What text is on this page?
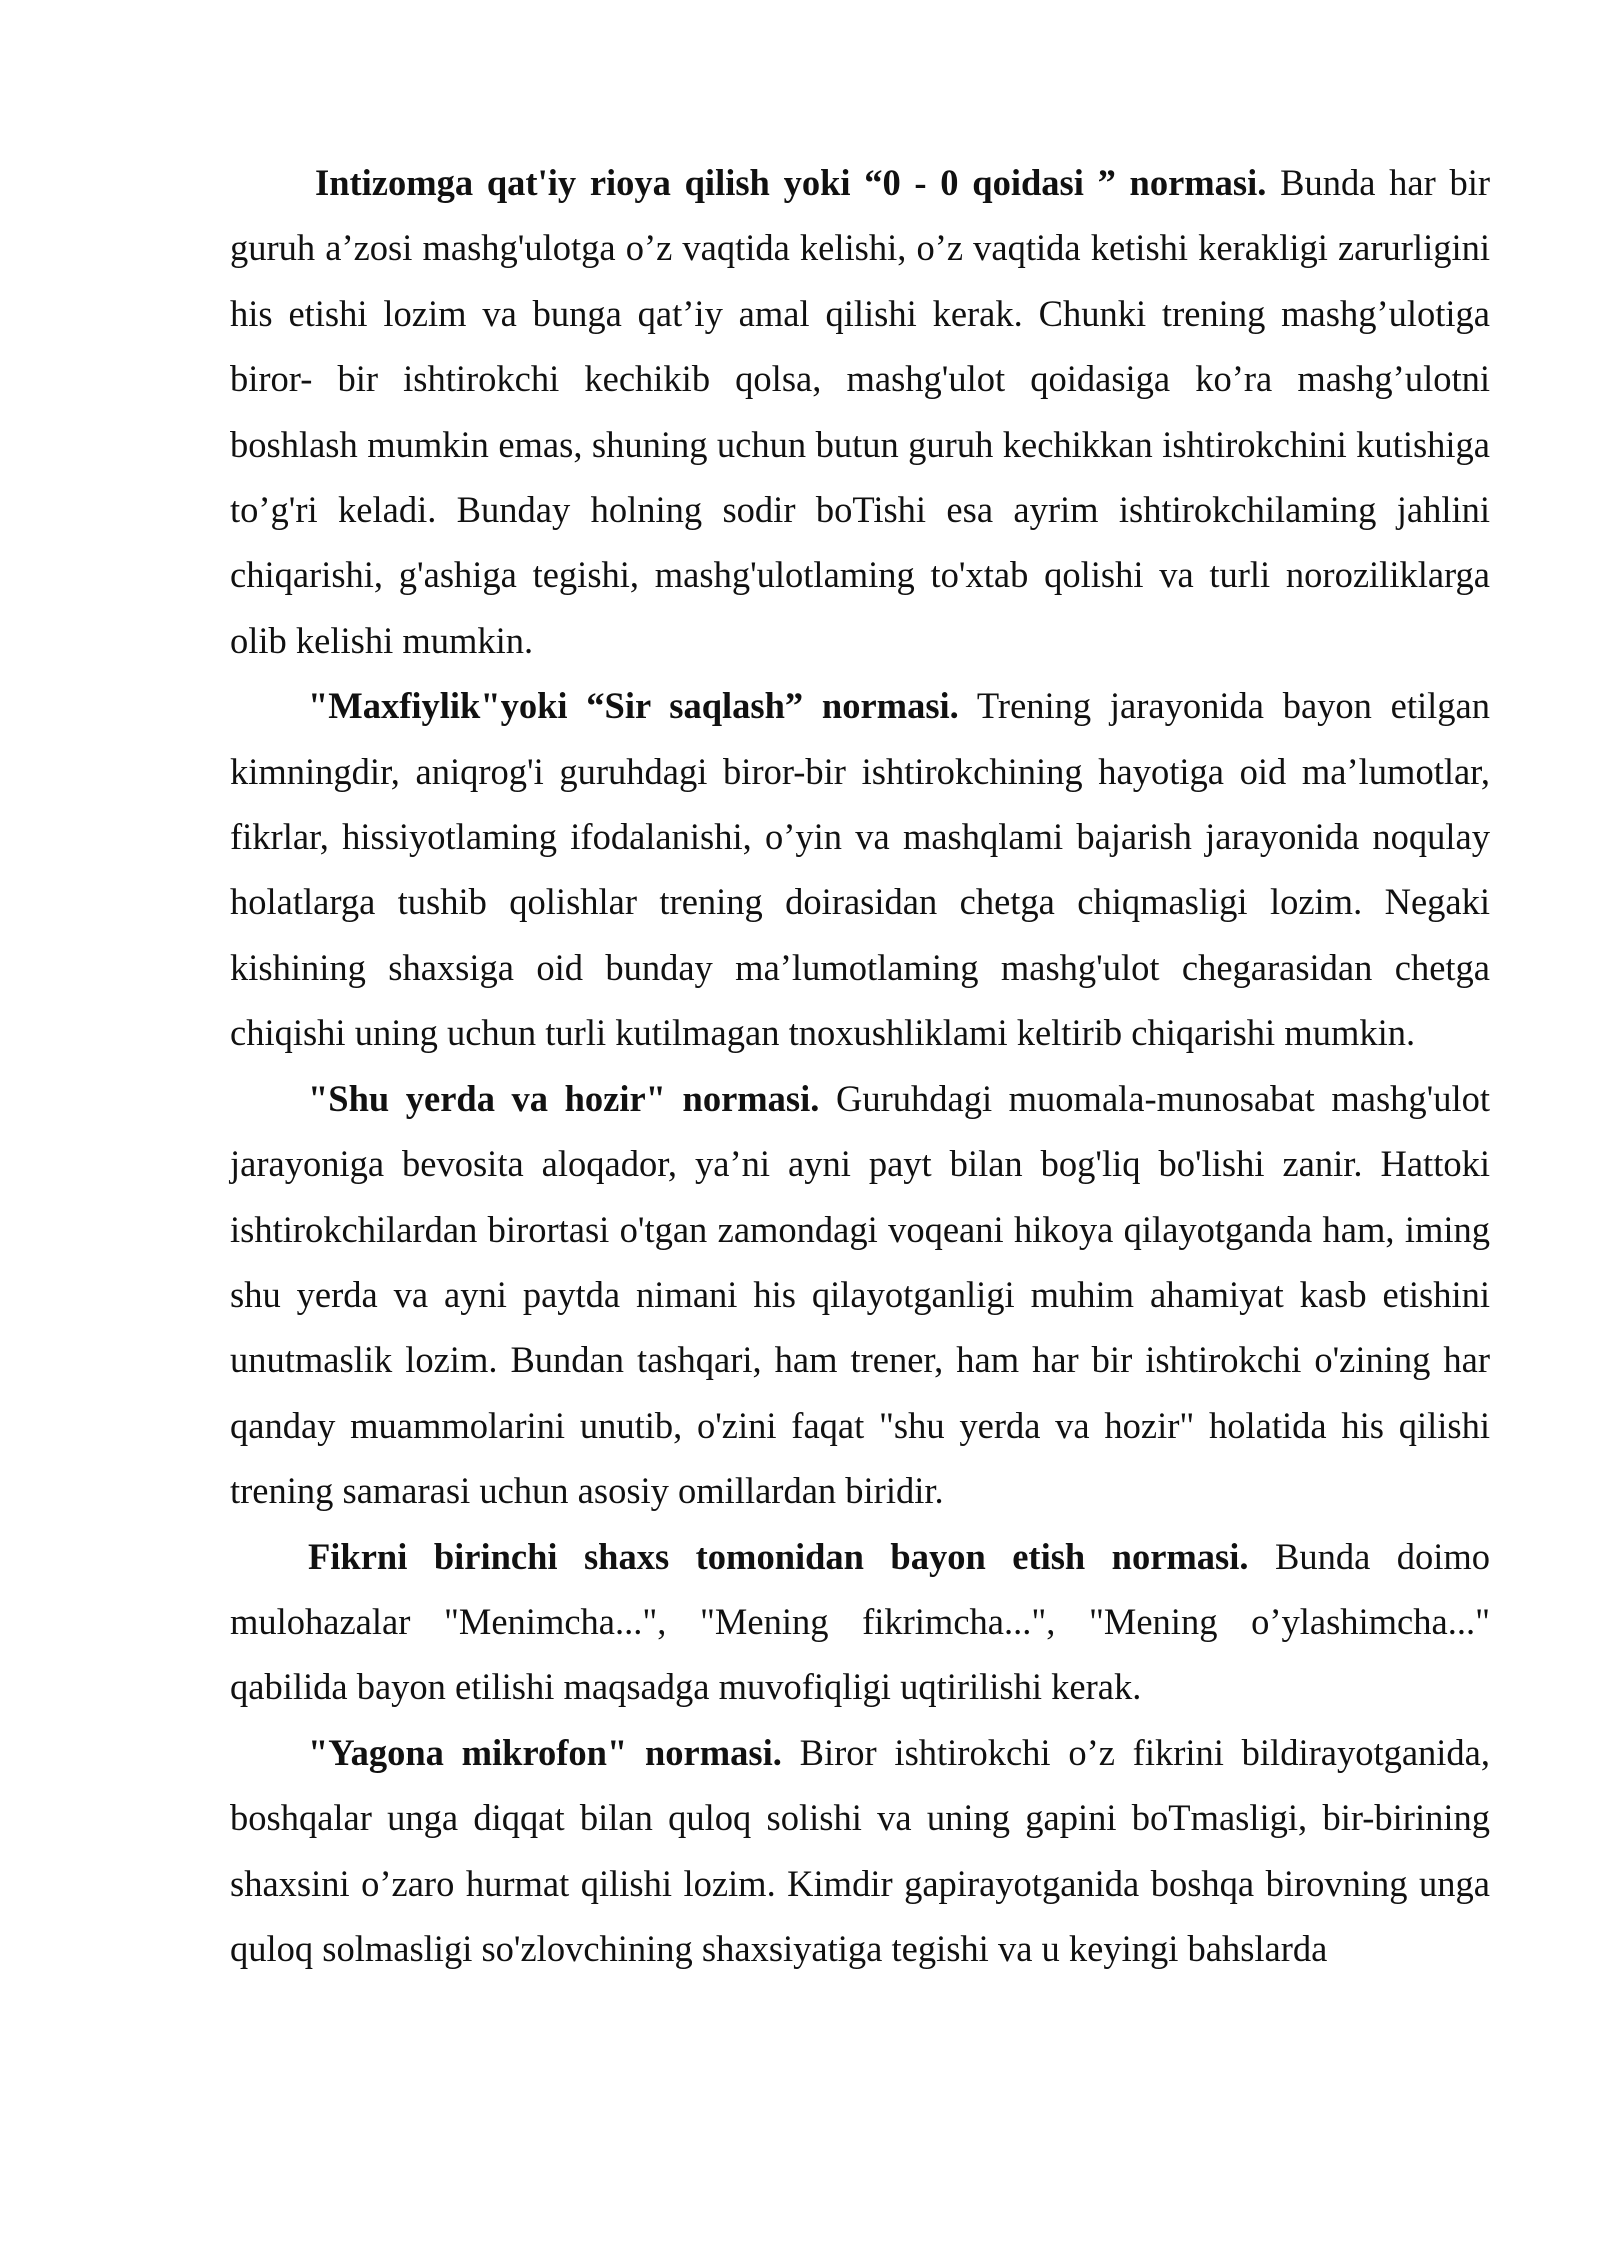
Intizomga qat'iy rioya qilish yoki “0 - 0 qoidasi ” normasi. Bunda har bir guruh a’zosi mashg'ulotga o’z vaqtida kelishi, o’z vaqtida ketishi kerakligi zarurligini his etishi lozim va bunga qat’iy amal qilishi kerak. Chunki trening mashg’ulotiga biror- bir ishtirokchi kechikib qolsa, mashg'ulot qoidasiga ko’ra mashg’ulotni boshlash mumkin emas, shuning uchun butun guruh kechikkan ishtirokchini kutishiga to’g'ri keladi. Bunday holning sodir boTishi esa ayrim ishtirokchilaming jahlini chiqarishi, g'ashiga tegishi, mashg'ulotlaming to'xtab qolishi va turli noroziliklarga olib kelishi mumkin.

"Maxfiylik"yoki “Sir saqlash” normasi. Trening jarayonida bayon etilgan kimningdir, aniqrog'i guruhdagi biror-bir ishtirokchining hayotiga oid ma’lumotlar, fikrlar, hissiyotlaming ifodalanishi, o’yin va mashqlami bajarish jarayonida noqulay holatlarga tushib qolishlar trening doirasidan chetga chiqmasligi lozim. Negaki kishining shaxsiga oid bunday ma’lumotlaming mashg'ulot chegarasidan chetga chiqishi uning uchun turli kutilmagan tnoxushliklami keltirib chiqarishi mumkin.

"Shu yerda va hozir" normasi. Guruhdagi muomala-munosabat mashg'ulot jarayoniga bevosita aloqador, ya’ni ayni payt bilan bog'liq bo'lishi zanir. Hattoki ishtirokchilardan birortasi o'tgan zamondagi voqeani hikoya qilayotganda ham, iming shu yerda va ayni paytda nimani his qilayotganligi muhim ahamiyat kasb etishini unutmaslik lozim. Bundan tashqari, ham trener, ham har bir ishtirokchi o'zining har qanday muammolarini unutib, o'zini faqat "shu yerda va hozir" holatida his qilishi trening samarasi uchun asosiy omillardan biridir.

Fikrni birinchi shaxs tomonidan bayon etish normasi. Bunda doimo mulohazalar "Menimcha...", "Mening fikrimcha...", "Mening o’ylashimcha..." qabilida bayon etilishi maqsadga muvofiqligi uqtirilishi kerak.

"Yagona mikrofon" normasi. Biror ishtirokchi o’z fikrini bildirayotganida, boshqalar unga diqqat bilan quloq solishi va uning gapini boTmasligi, bir-birining shaxsini o’zaro hurmat qilishi lozim. Kimdir gapirayotganida boshqa birovning unga quloq solmasligi so'zlovchining shaxsiyatiga tegishi va u keyingi bahslarda
